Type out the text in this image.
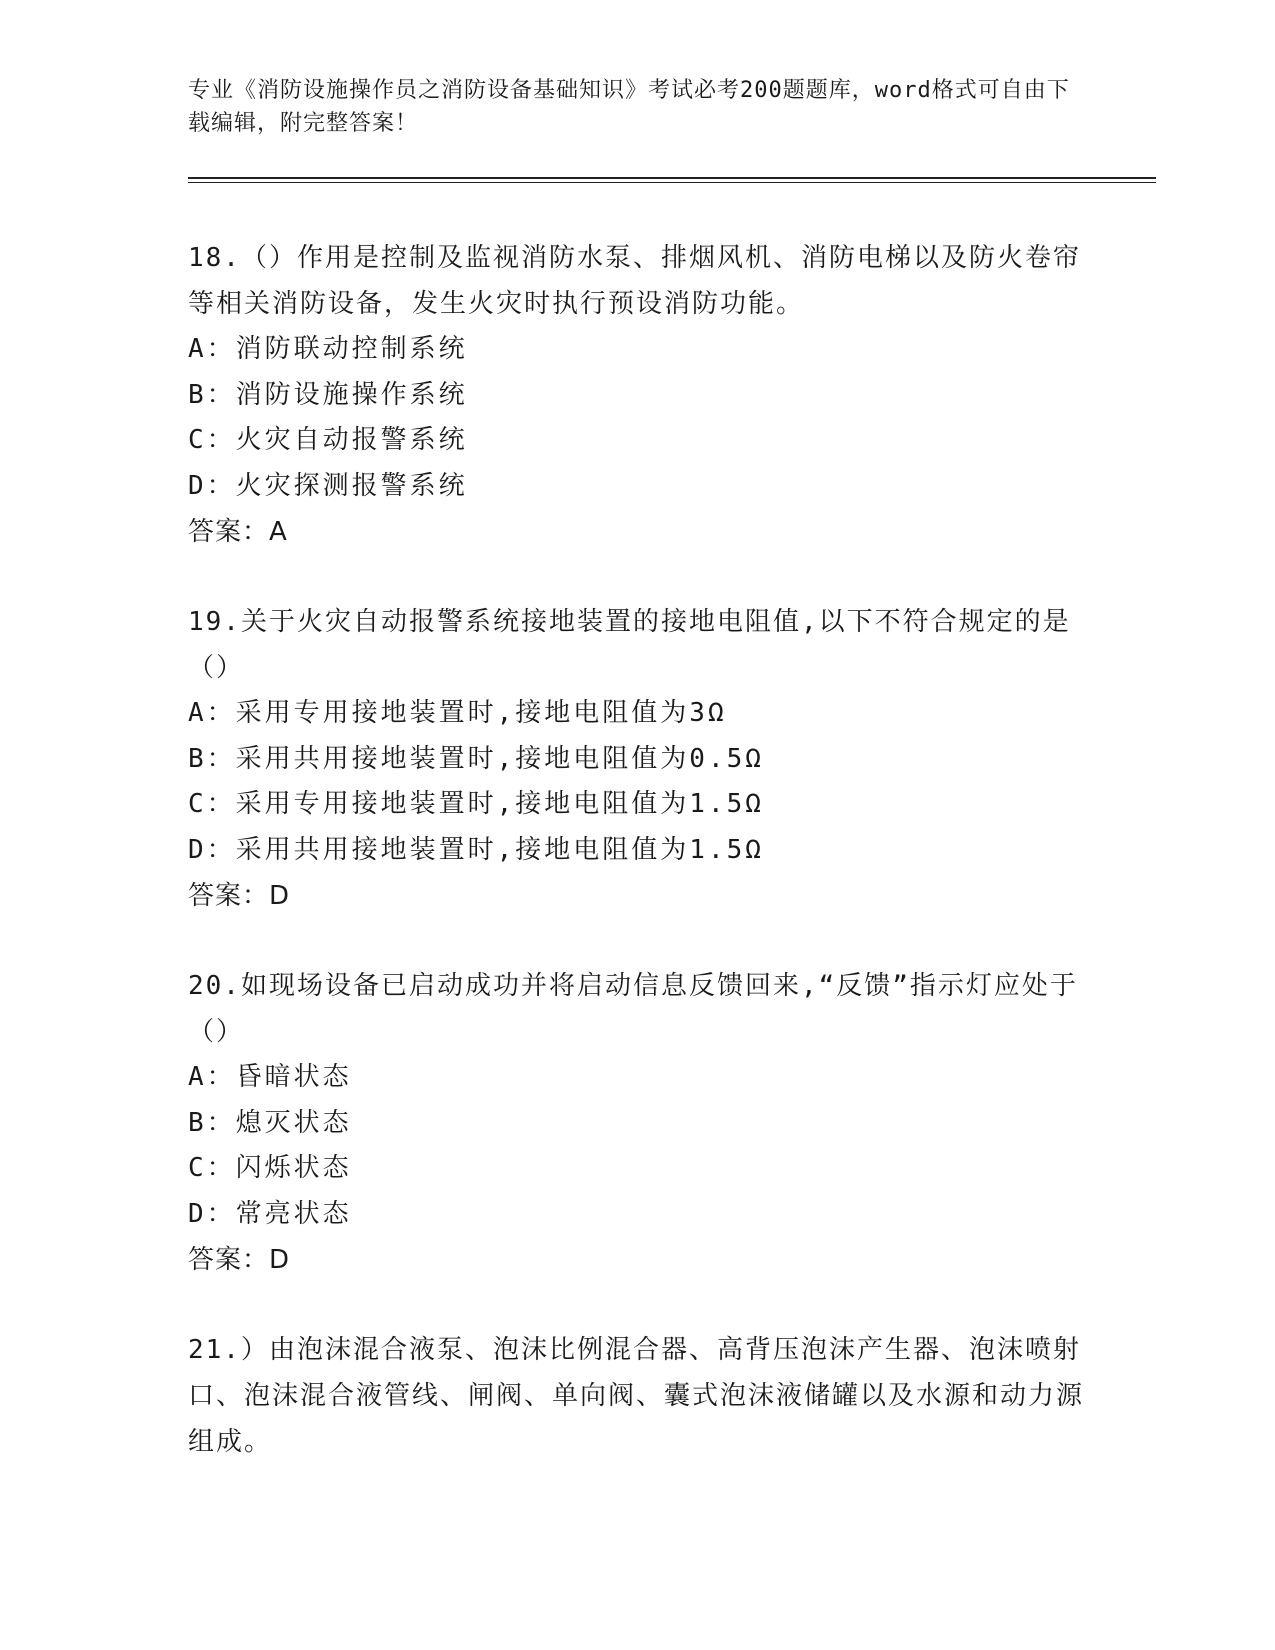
专业《消防设施操作员之消防设备基础知识》考试必考200题题库，word格式可自由下载编辑，附完整答案！
18.（）作用是控制及监视消防水泵、排烟风机、消防电梯以及防火卷帘等相关消防设备，发生火灾时执行预设消防功能。
A：消防联动控制系统
B：消防设施操作系统
C：火灾自动报警系统
D：火灾探测报警系统
答案：A
19.关于火灾自动报警系统接地装置的接地电阻值,以下不符合规定的是（）
A：采用专用接地装置时,接地电阻值为3Ω
B：采用共用接地装置时,接地电阻值为0.5Ω
C：采用专用接地装置时,接地电阻值为1.5Ω
D：采用共用接地装置时,接地电阻值为1.5Ω
答案：D
20.如现场设备已启动成功并将启动信息反馈回来,“反馈”指示灯应处于（）
A：昏暗状态
B：熄灭状态
C：闪烁状态
D：常亮状态
答案：D
21.）由泡沫混合液泵、泡沫比例混合器、高背压泡沫产生器、泡沫喷射口、泡沫混合液管线、闸阀、单向阀、囊式泡沫液储罐以及水源和动力源组成。
